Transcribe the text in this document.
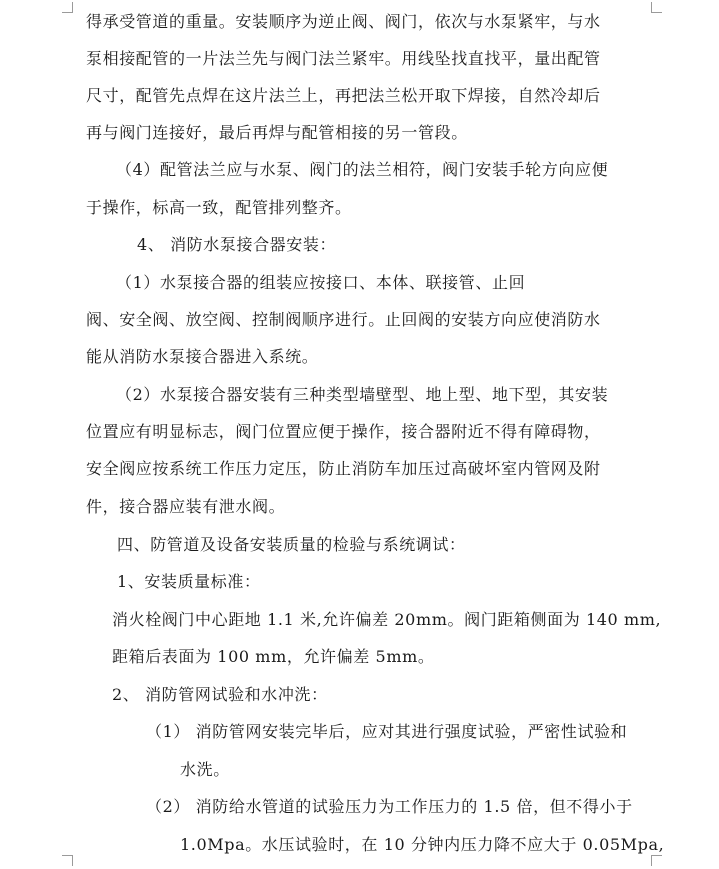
得承受管道的重量。安装顺序为逆止阀、阀门，依次与水泵紧牢，与水
泵相接配管的一片法兰先与阀门法兰紧牢。用线坠找直找平，量出配管
尺寸，配管先点焊在这片法兰上，再把法兰松开取下焊接，自然冷却后
再与阀门连接好，最后再焊与配管相接的另一管段。
（4）配管法兰应与水泵、阀门的法兰相符，阀门安装手轮方向应便
于操作，标高一致，配管排列整齐。
4、 消防水泵接合器安装：
（1）水泵接合器的组装应按接口、本体、联接管、止回
阀、安全阀、放空阀、控制阀顺序进行。止回阀的安装方向应使消防水
能从消防水泵接合器进入系统。
（2）水泵接合器安装有三种类型墙壁型、地上型、地下型，其安装
位置应有明显标志，阀门位置应便于操作，接合器附近不得有障碍物，
安全阀应按系统工作压力定压，防止消防车加压过高破坏室内管网及附
件，接合器应装有泄水阀。
四、防管道及设备安装质量的检验与系统调试：
1、安装质量标准：
消火栓阀门中心距地 1.1 米,允许偏差 20mm。阀门距箱侧面为 140 mm,
距箱后表面为 100 mm，允许偏差 5mm。
2、 消防管网试验和水冲洗：
（1） 消防管网安装完毕后，应对其进行强度试验，严密性试验和
水洗。
（2） 消防给水管道的试验压力为工作压力的 1.5 倍，但不得小于
1.0Mpa。水压试验时，在 10 分钟内压力降不应大于 0.05Mpa,
